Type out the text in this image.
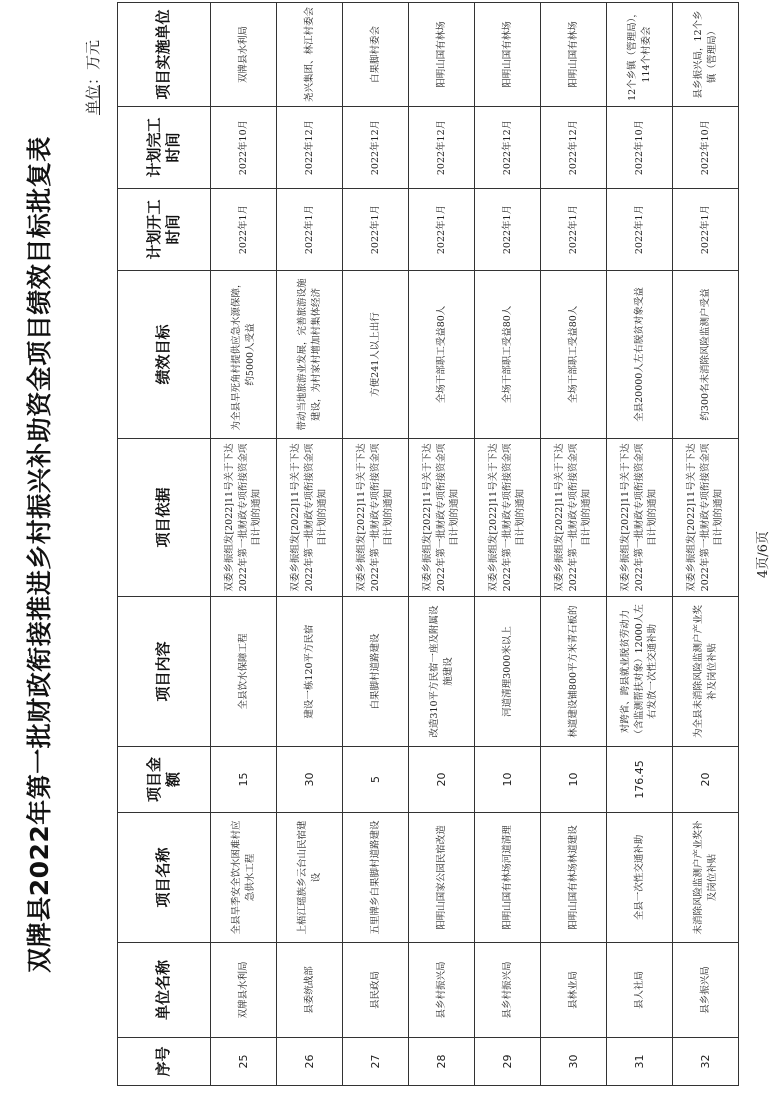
双牌县2022年第一批财政衔接推进乡村振兴补助资金项目绩效目标批复表
单位：万元
序号	单位名称	项目名称	项目金额	项目内容	项目依据	绩效目标	计划开工时间	计划完工时间	项目实施单位
25	双牌县水利局	全县旱季安全饮水困难村应急供水工程	15	全县饮水保障工程	双委乡振组发[2022]11号关于下达2022年第一批财政专项衔接资金项目计划的通知	为全县旱死角村提供应急水源保障，约5000人受益	2022年1月	2022年10月	双牌县水利局
26	县委统战部	上梧江瑶族乡云台山民宿建设	30	建设一栋120平方民宿	双委乡振组发[2022]11号关于下达2022年第一批财政专项衔接资金项目计划的通知	带动当地旅游业发展，完善旅游设施建设，为村家村增加村集体经济	2022年1月	2022年12月	尧兴集团、林江村委会
27	县民政局	五里牌乡白果脚村道路建设	5	白果脚村道路建设	双委乡振组发[2022]11号关于下达2022年第一批财政专项衔接资金项目计划的通知	方便241人以上出行	2022年1月	2022年12月	白果脚村委会
28	县乡村振兴局	阳明山国家公园民宿改造	20	改造310平方民宿一座及附属设施建设	双委乡振组发[2022]11号关于下达2022年第一批财政专项衔接资金项目计划的通知	全场干部职工受益80人	2022年1月	2022年12月	阳明山国有林场
29	县乡村振兴局	阳明山国有林场河道清理	10	河道清理3000米以上	双委乡振组发[2022]11号关于下达2022年第一批财政专项衔接资金项目计划的通知	全场干部职工受益80人	2022年1月	2022年12月	阳明山国有林场
30	县林业局	阳明山国有林场林道建设	10	林道建设铺800平方米青石板的	双委乡振组发[2022]11号关于下达2022年第一批财政专项衔接资金项目计划的通知	全场干部职工受益80人	2022年1月	2022年12月	阳明山国有林场
31	县人社局	全县一次性交通补助	176.45	对跨省、跨县就业脱贫劳动力（含监测帮扶对象）12000人左右发放一次性交通补助	双委乡振组发[2022]11号关于下达2022年第一批财政专项衔接资金项目计划的通知	全县20000人左右脱贫对象受益	2022年1月	2022年10月	12个乡镇（管理局），114个村委会
32	县乡振兴局	未消除风险监测户产业奖补及岗位补贴	20	为全县未消除风险监测户产业奖补及岗位补贴	双委乡振组发[2022]11号关于下达2022年第一批财政专项衔接资金项目计划的通知	约300名未消除风险监测户受益	2022年1月	2022年10月	县乡振兴局，12个乡镇（管理局）
4页/6页
